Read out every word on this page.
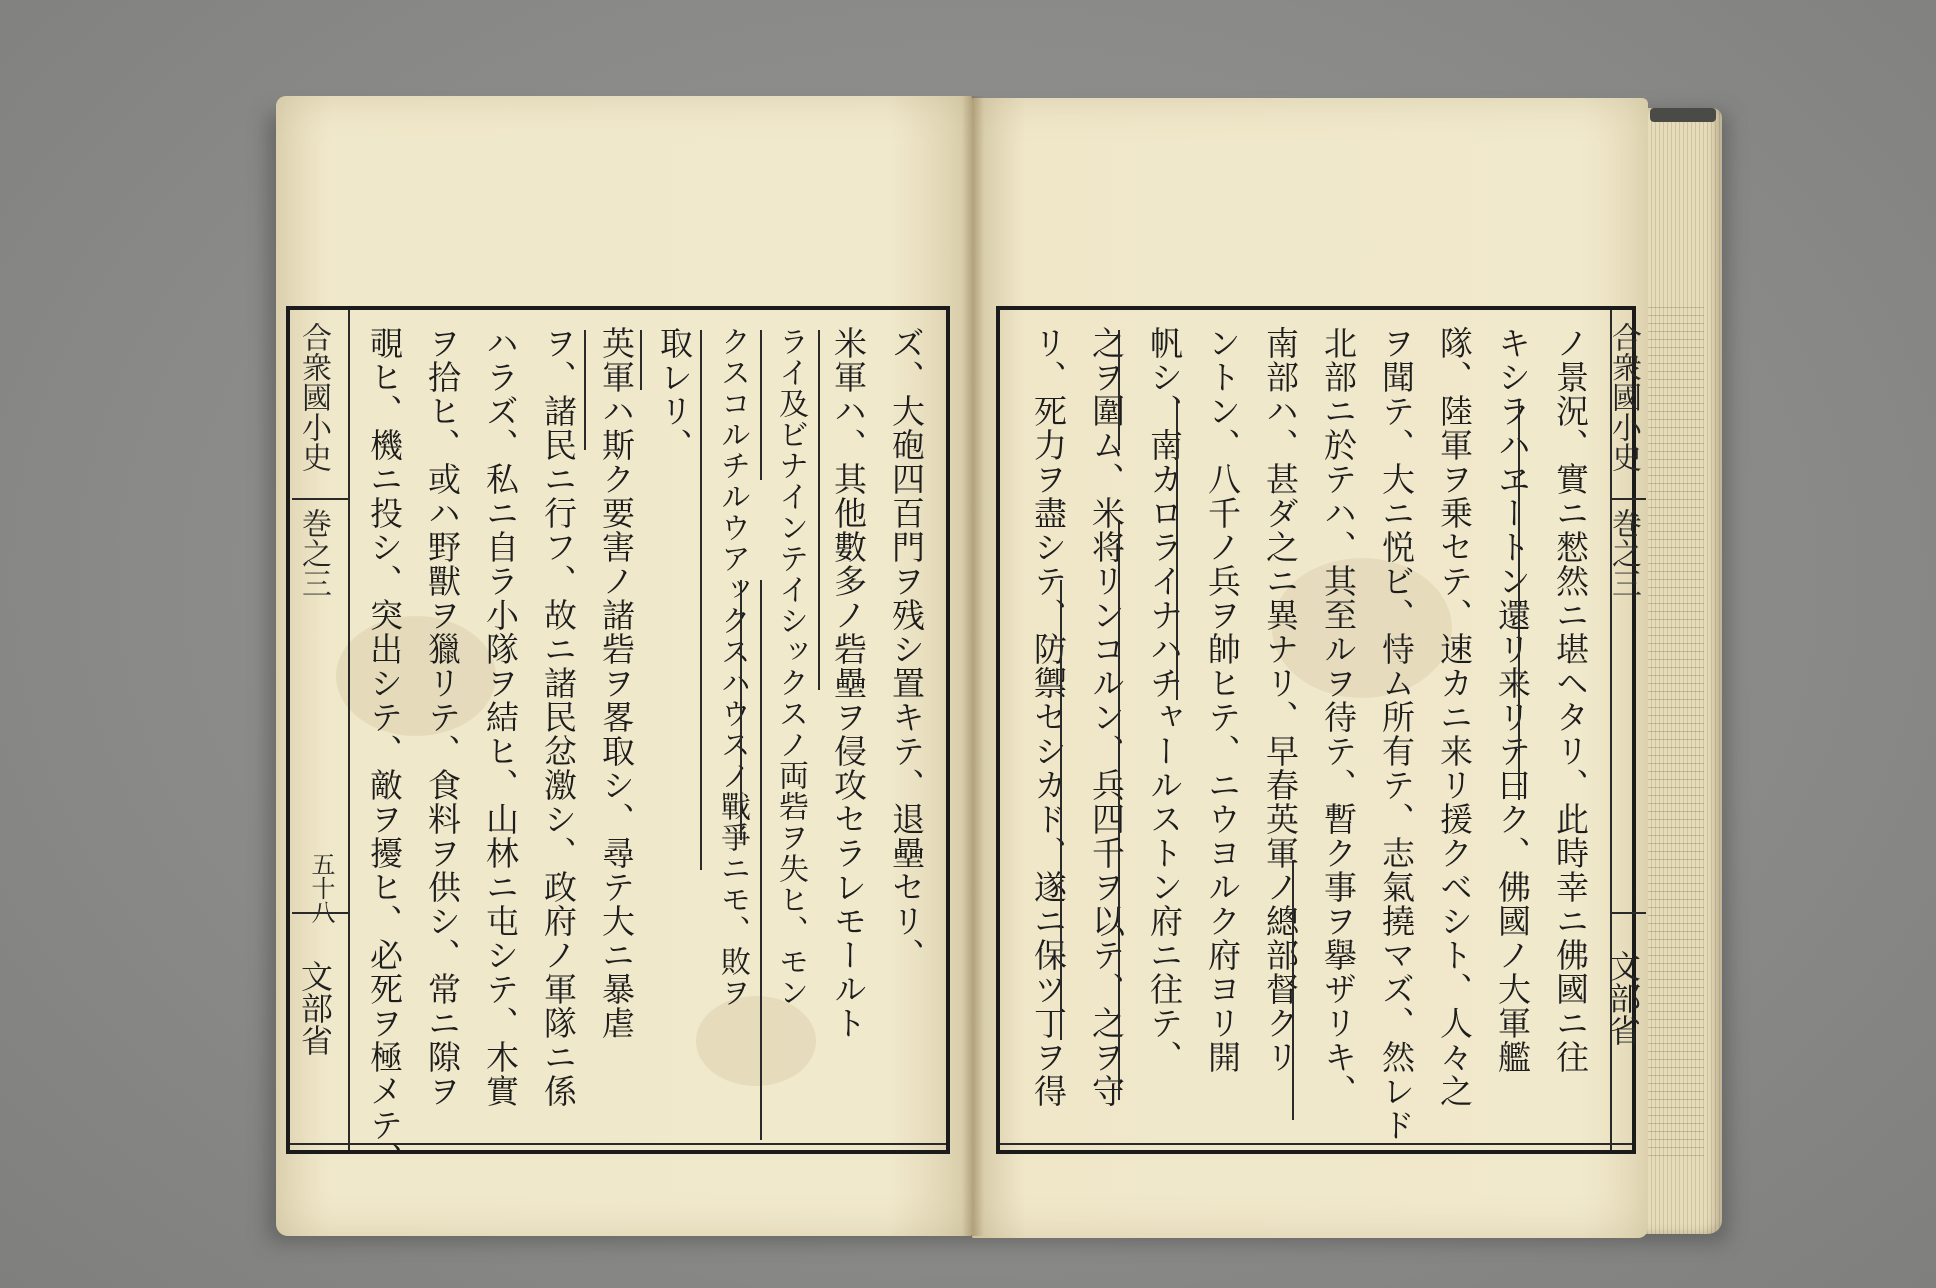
合衆國小史
巻之三
五十八
文部省
ズ、大砲四百門ヲ残シ置キテ、退壘セリ、
米軍ハ、其他數多ノ砦壘ヲ侵攻セラレモールト
ライ及ビナインテイシックスノ両砦ヲ失ヒ、モン
クスコルチルウアックスハウスノ戰爭ニモ、敗ヲ
取レリ、
英軍ハ斯ク要害ノ諸砦ヲ畧取シ、尋テ大ニ暴虐
ヲ、諸民ニ行フ、故ニ諸民忿激シ、政府ノ軍隊ニ係
ハラズ、私ニ自ラ小隊ヲ結ヒ、山林ニ屯シテ、木實
ヲ拾ヒ、或ハ野獸ヲ獵リテ、食料ヲ供シ、常ニ隙ヲ
覗ヒ、機ニ投シ、突出シテ、敵ヲ擾ヒ、必死ヲ極メテ、	合衆國小史
巻之三
文部省
ノ景況、實ニ憖然ニ堪ヘタリ、此時幸ニ佛國ニ往
キシラハヱートン還リ来リテ曰ク、佛國ノ大軍艦
隊、陸軍ヲ乗セテ、速カニ来リ援クベシト、人々之
ヲ聞テ、大ニ悦ビ、恃ム所有テ、志氣撓マズ、然レド
北部ニ於テハ、其至ルヲ待テ、暫ク事ヲ擧ザリキ、
南部ハ、甚ダ之ニ異ナリ、早春英軍ノ總部督クリ
ントン、八千ノ兵ヲ帥ヒテ、ニウヨルク府ヨリ開
帆シ、南カロライナハチャールストン府ニ往テ、
之ヲ圍ム、米将リンコルン、兵四千ヲ以テ、之ヲ守
リ、死力ヲ盡シテ、防禦セシカド、遂ニ保ツ丁ヲ得
